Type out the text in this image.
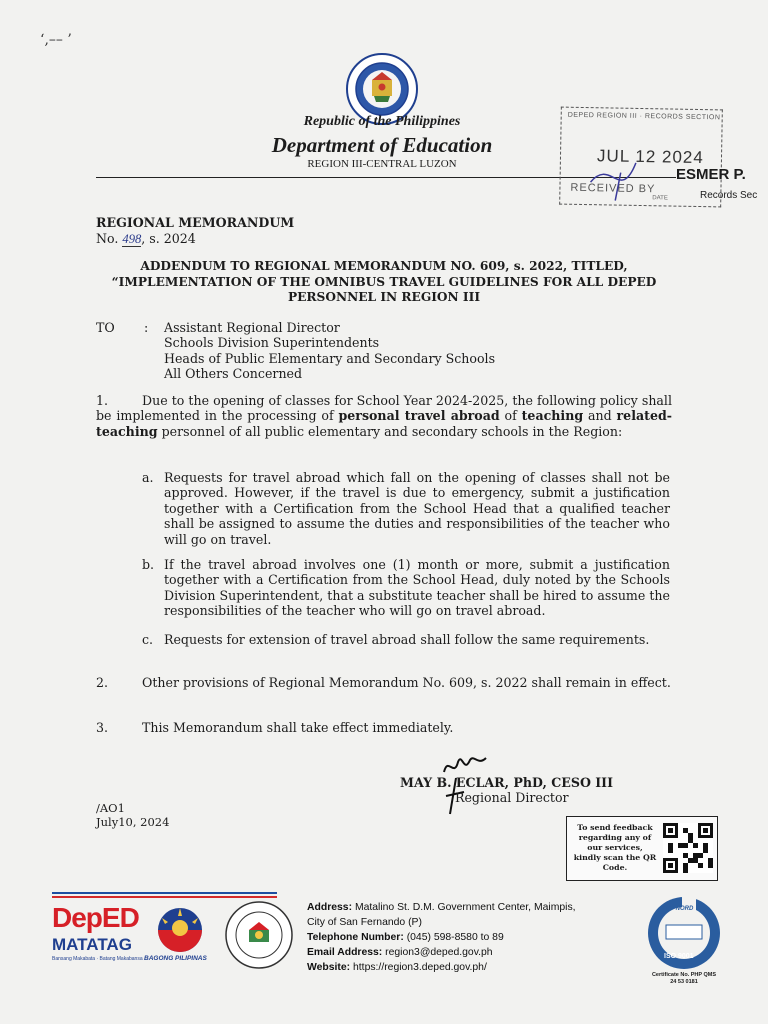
‘,–– ’
Republic of the Philippines
Department of Education
REGION III-CENTRAL LUZON
DEPED REGION III · RECORDS SECTION
JUL 12 2024
RECEIVED BY
DATE
ESMER P.
Records Sec
REGIONAL MEMORANDUM
No. 498, s. 2024
ADDENDUM TO REGIONAL MEMORANDUM NO. 609, s. 2022, TITLED,
“IMPLEMENTATION OF THE OMNIBUS TRAVEL GUIDELINES FOR ALL DEPED
PERSONNEL IN REGION III
TO : Assistant Regional Director
Schools Division Superintendents
Heads of Public Elementary and Secondary Schools
All Others Concerned
1.	Due to the opening of classes for School Year 2024-2025, the following policy shall be implemented in the processing of personal travel abroad of teaching and related-teaching personnel of all public elementary and secondary schools in the Region:
a. Requests for travel abroad which fall on the opening of classes shall not be approved. However, if the travel is due to emergency, submit a justification together with a Certification from the School Head that a qualified teacher shall be assigned to assume the duties and responsibilities of the teacher who will go on travel.
b. If the travel abroad involves one (1) month or more, submit a justification together with a Certification from the School Head, duly noted by the Schools Division Superintendent, that a substitute teacher shall be hired to assume the responsibilities of the teacher who will go on travel abroad.
c. Requests for extension of travel abroad shall follow the same requirements.
2.	Other provisions of Regional Memorandum No. 609, s. 2022 shall remain in effect.
3.	This Memorandum shall take effect immediately.
MAY B. ECLAR, PhD, CESO III
Regional Director
/AO1
July10, 2024	To send feedback regarding any of our services, kindly scan the QR Code.
DepED
MATATAG
Bansang Makabata · Batang Makabansa BAGONG PILIPINAS
Address: Matalino St. D.M. Government Center, Maimpis,
City of San Fernando (P)
Telephone Number: (045) 598-8580 to 89
Email Address: region3@deped.gov.ph
Website: https://region3.deped.gov.ph/
TÜV NORD
ISO 9001
Certificate No. PHP QMS
24 53 0181
